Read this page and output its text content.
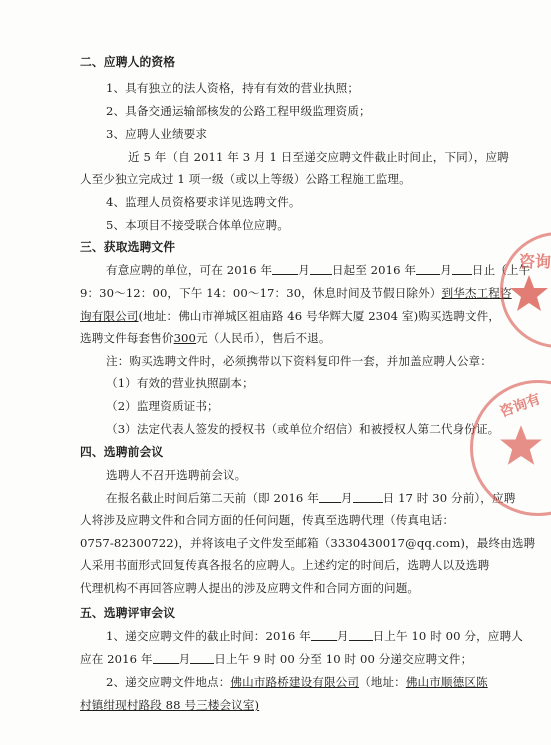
二、应聘人的资格
1、具有独立的法人资格，持有有效的营业执照；
2、具备交通运输部核发的公路工程甲级监理资质；
3、应聘人业绩要求
近 5 年（自 2011 年 3 月 1 日至递交应聘文件截止时间止，下同），应聘
人至少独立完成过 1 项一级（或以上等级）公路工程施工监理。
4、监理人员资格要求详见选聘文件。
5、本项目不接受联合体单位应聘。
三、获取选聘文件
有意应聘的单位，可在 2016 年 月 日起至 2016 年 月 日止（上午
9：30～12：00，下午 14：00～17：30，休息时间及节假日除外）到华杰工程咨
询有限公司(地址：佛山市禅城区祖庙路 46 号华辉大厦 2304 室)购买选聘文件，
选聘文件每套售价300元（人民币），售后不退。
注：购买选聘文件时，必须携带以下资料复印件一套，并加盖应聘人公章：
（1）有效的营业执照副本；
（2）监理资质证书；
（3）法定代表人签发的授权书（或单位介绍信）和被授权人第二代身份证。
四、选聘前会议
选聘人不召开选聘前会议。
在报名截止时间后第二天前（即 2016 年 月	日 17 时 30 分前），应聘
人将涉及应聘文件和合同方面的任何问题，传真至选聘代理（传真电话：
0757-82300722)，并将该电子文件发至邮箱（3330430017@qq.com)，最终由选聘
人采用书面形式回复传真各报名的应聘人。上述约定的时间后，选聘人以及选聘
代理机构不再回答应聘人提出的涉及应聘文件和合同方面的问题。
五、选聘评审会议
1、递交应聘文件的截止时间：2016 年 月 日上午 10 时 00 分，应聘人
应在 2016 年 月 日上午 9 时 00 分至 10 时 00 分递交应聘文件；
2、递交应聘文件地点：佛山市路桥建设有限公司（地址：佛山市顺德区陈
村镇绀现村路段 88 号三楼会议室)
咨询
咨询有
